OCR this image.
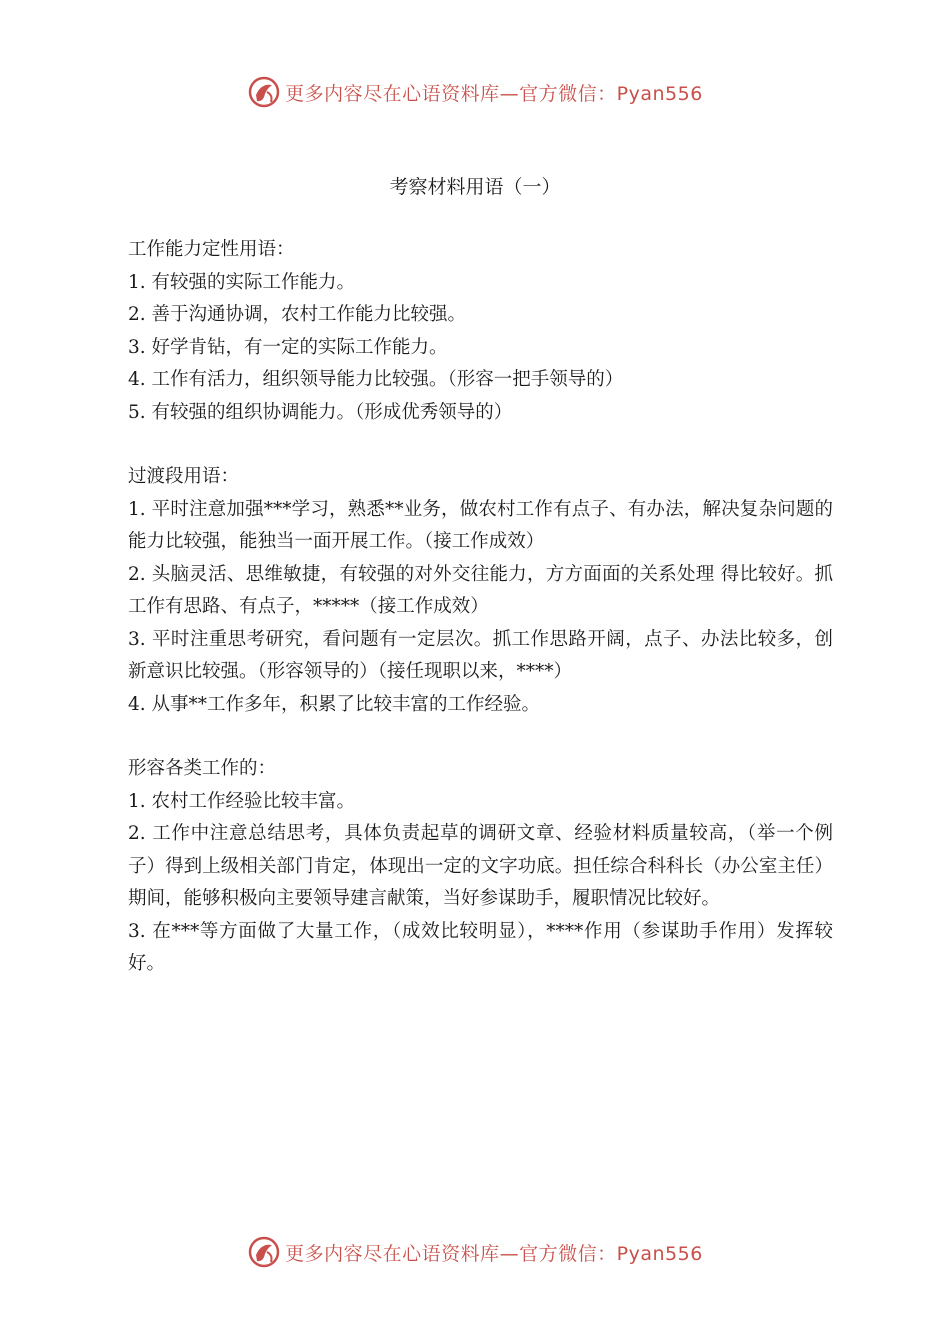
更多内容尽在心语资料库—官方微信：Pyan556
考察材料用语（一）

工作能力定性用语：

1. 有较强的实际工作能力。

2. 善于沟通协调，农村工作能力比较强。

3. 好学肯钻，有一定的实际工作能力。

4. 工作有活力，组织领导能力比较强。（形容一把手领导的）

5. 有较强的组织协调能力。（形成优秀领导的）

过渡段用语：

1. 平时注意加强***学习，熟悉**业务，做农村工作有点子、有办法，解决复杂问题的能力比较强，能独当一面开展工作。（接工作成效）

2. 头脑灵活、思维敏捷，有较强的对外交往能力，方方面面的关系处理 得比较好。抓工作有思路、有点子，*****（接工作成效）

3. 平时注重思考研究，看问题有一定层次。抓工作思路开阔，点子、办法比较多，创新意识比较强。（形容领导的）（接任现职以来，****）

4. 从事**工作多年，积累了比较丰富的工作经验。

形容各类工作的：

1. 农村工作经验比较丰富。

2. 工作中注意总结思考，具体负责起草的调研文章、经验材料质量较高，（举一个例子）得到上级相关部门肯定，体现出一定的文字功底。担任综合科科长（办公室主任）期间，能够积极向主要领导建言献策，当好参谋助手，履职情况比较好。

3. 在***等方面做了大量工作，（成效比较明显），****作用（参谋助手作用）发挥较好。

更多内容尽在心语资料库—官方微信：Pyan556
